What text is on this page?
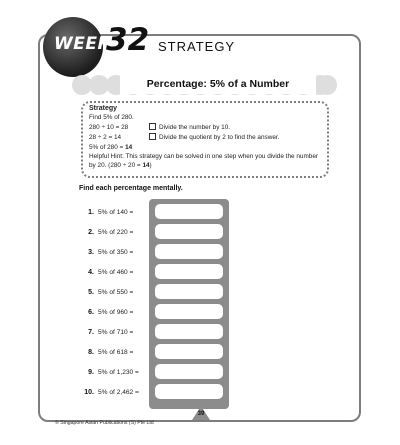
WEEK
32 STRATEGY
Percentage: 5% of a Number
Strategy
Find 5% of 280.
280 ÷ 10 = 28	Divide the number by 10.
28 ÷ 2 = 14	Divide the quotient by 2 to find the answer.
5% of 280 = 14
Helpful Hint: This strategy can be solved in one step when you divide the number by 20. (280 ÷ 20 = 14)
Find each percentage mentally.
1. 5% of 140 =
2. 5% of 220 =
3. 5% of 350 =
4. 5% of 460 =
5. 5% of 550 =
6. 5% of 960 =
7. 5% of 710 =
8. 5% of 618 =
9. 5% of 1,230 =
10. 5% of 2,462 =
© Singapore Asian Publications (S) Pte Ltd
39
